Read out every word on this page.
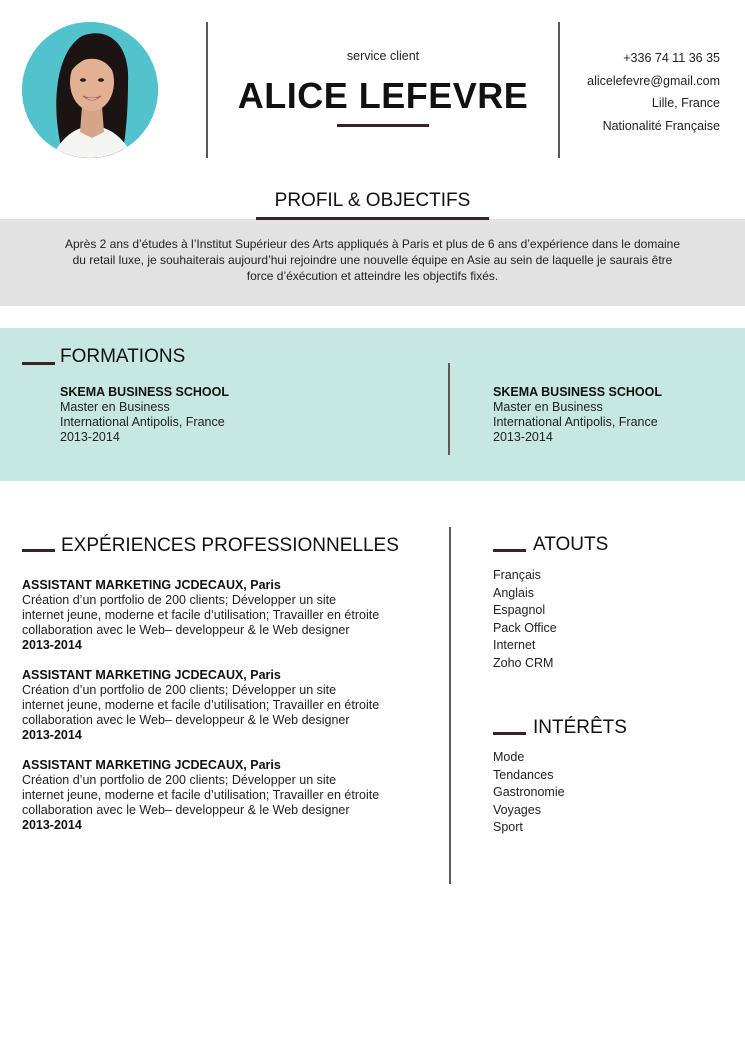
service client
ALICE LEFEVRE
+336 74 11 36 35
alicelefevre@gmail.com
Lille, France
Nationalité Française
PROFIL & OBJECTIFS
Après 2 ans d’études à l’Institut Supérieur des Arts appliqués à Paris et plus de 6 ans d’expérience dans le domaine
du retail luxe, je souhaiterais aujourd’hui rejoindre une nouvelle équipe en Asie au sein de laquelle je saurais être
force d’éxécution et atteindre les objectifs fixés.
FORMATIONS
SKEMA BUSINESS SCHOOL
Master en Business
International Antipolis, France
2013-2014
SKEMA BUSINESS SCHOOL
Master en Business
International Antipolis, France
2013-2014
EXPÉRIENCES PROFESSIONNELLES
ASSISTANT MARKETING JCDECAUX, Paris
Création d’un portfolio de 200 clients; Développer un site
internet jeune, moderne et facile d’utilisation; Travailler en étroite
collaboration avec le Web– developpeur & le Web designer
2013-2014
ASSISTANT MARKETING JCDECAUX, Paris
Création d’un portfolio de 200 clients; Développer un site
internet jeune, moderne et facile d’utilisation; Travailler en étroite
collaboration avec le Web– developpeur & le Web designer
2013-2014
ASSISTANT MARKETING JCDECAUX, Paris
Création d’un portfolio de 200 clients; Développer un site
internet jeune, moderne et facile d’utilisation; Travailler en étroite
collaboration avec le Web– developpeur & le Web designer
2013-2014
ATOUTS
Français
Anglais
Espagnol
Pack Office
Internet
Zoho CRM
INTÉRÊTS
Mode
Tendances
Gastronomie
Voyages
Sport
